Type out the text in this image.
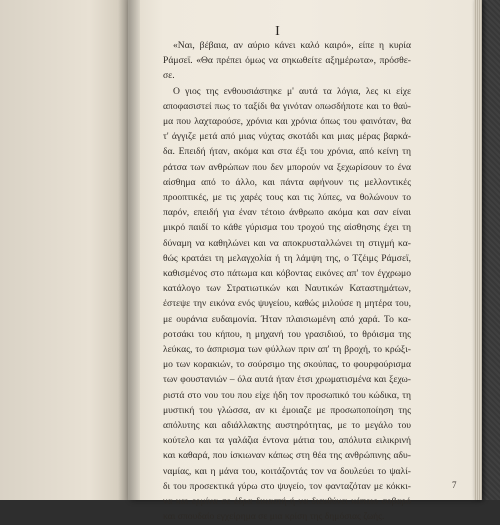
I
«Ναι, βέβαια, αν αύριο κάνει καλό καιρό», είπε η κυρία
Ράμσεϊ. «Θα πρέπει όμως να σηκωθείτε αξημέρωτα», πρόσθε-
σε.
Ο γιος της ενθουσιάστηκε μ' αυτά τα λόγια, λες κι είχε
αποφασιστεί πως το ταξίδι θα γινόταν οπωσδήποτε και το θαύ-
μα που λαχταρούσε, χρόνια και χρόνια όπως του φαινόταν, θα
τ' άγγιζε μετά από μιας νύχτας σκοτάδι και μιας μέρας βαρκά-
δα. Επειδή ήταν, ακόμα και στα έξι του χρόνια, από κείνη τη
ράτσα των ανθρώπων που δεν μπορούν να ξεχωρίσουν το ένα
αίσθημα από το άλλο, και πάντα αφήνουν τις μελλοντικές
προοπτικές, με τις χαρές τους και τις λύπες, να θολώνουν το
παρόν, επειδή για έναν τέτοιο άνθρωπο ακόμα και σαν είναι
μικρό παιδί το κάθε γύρισμα του τροχού της αίσθησης έχει τη
δύναμη να καθηλώνει και να αποκρυσταλλώνει τη στιγμή κα-
θώς κρατάει τη μελαγχολία ή τη λάμψη της, ο Τζέιμς Ράμσεϊ,
καθισμένος στο πάτωμα και κόβοντας εικόνες απ' τον έγχρωμο
κατάλογο των Στρατιωτικών και Ναυτικών Καταστημάτων,
έστεψε την εικόνα ενός ψυγείου, καθώς μιλούσε η μητέρα του,
με ουράνια ευδαιμονία. Ήταν πλαισιωμένη από χαρά. Το κα-
ροτσάκι του κήπου, η μηχανή του γρασιδιού, το θρόισμα της
λεύκας, το άσπρισμα των φύλλων πριν απ' τη βροχή, το κρώξι-
μο των κορακιών, το σούρσιμο της σκούπας, το φουρφούρισμα
των φουστανιών – όλα αυτά ήταν έτσι χρωματισμένα και ξεχω-
ριστά στο νου του που είχε ήδη τον προσωπικό του κώδικα, τη
μυστική του γλώσσα, αν κι έμοιαζε με προσωποποίηση της
απόλυτης και αδιάλλακτης αυστηρότητας, με το μεγάλο του
κούτελο και τα γαλάζια έντονα μάτια του, απόλυτα ειλικρινή
και καθαρά, που ίσκιωναν κάπως στη θέα της ανθρώπινης αδυ-
ναμίας, και η μάνα του, κοιτάζοντάς τον να δουλεύει το ψαλί-
δι του προσεκτικά γύρω στο ψυγείο, τον φανταζόταν με κόκκι-
να και ερμίνα σε έδρα δικαστή ή να διευθύνει κάποιο σοβαρό
και σπουδαίο εγχείρημα σε μια κρίση της δημόσιας ζωής.
7
